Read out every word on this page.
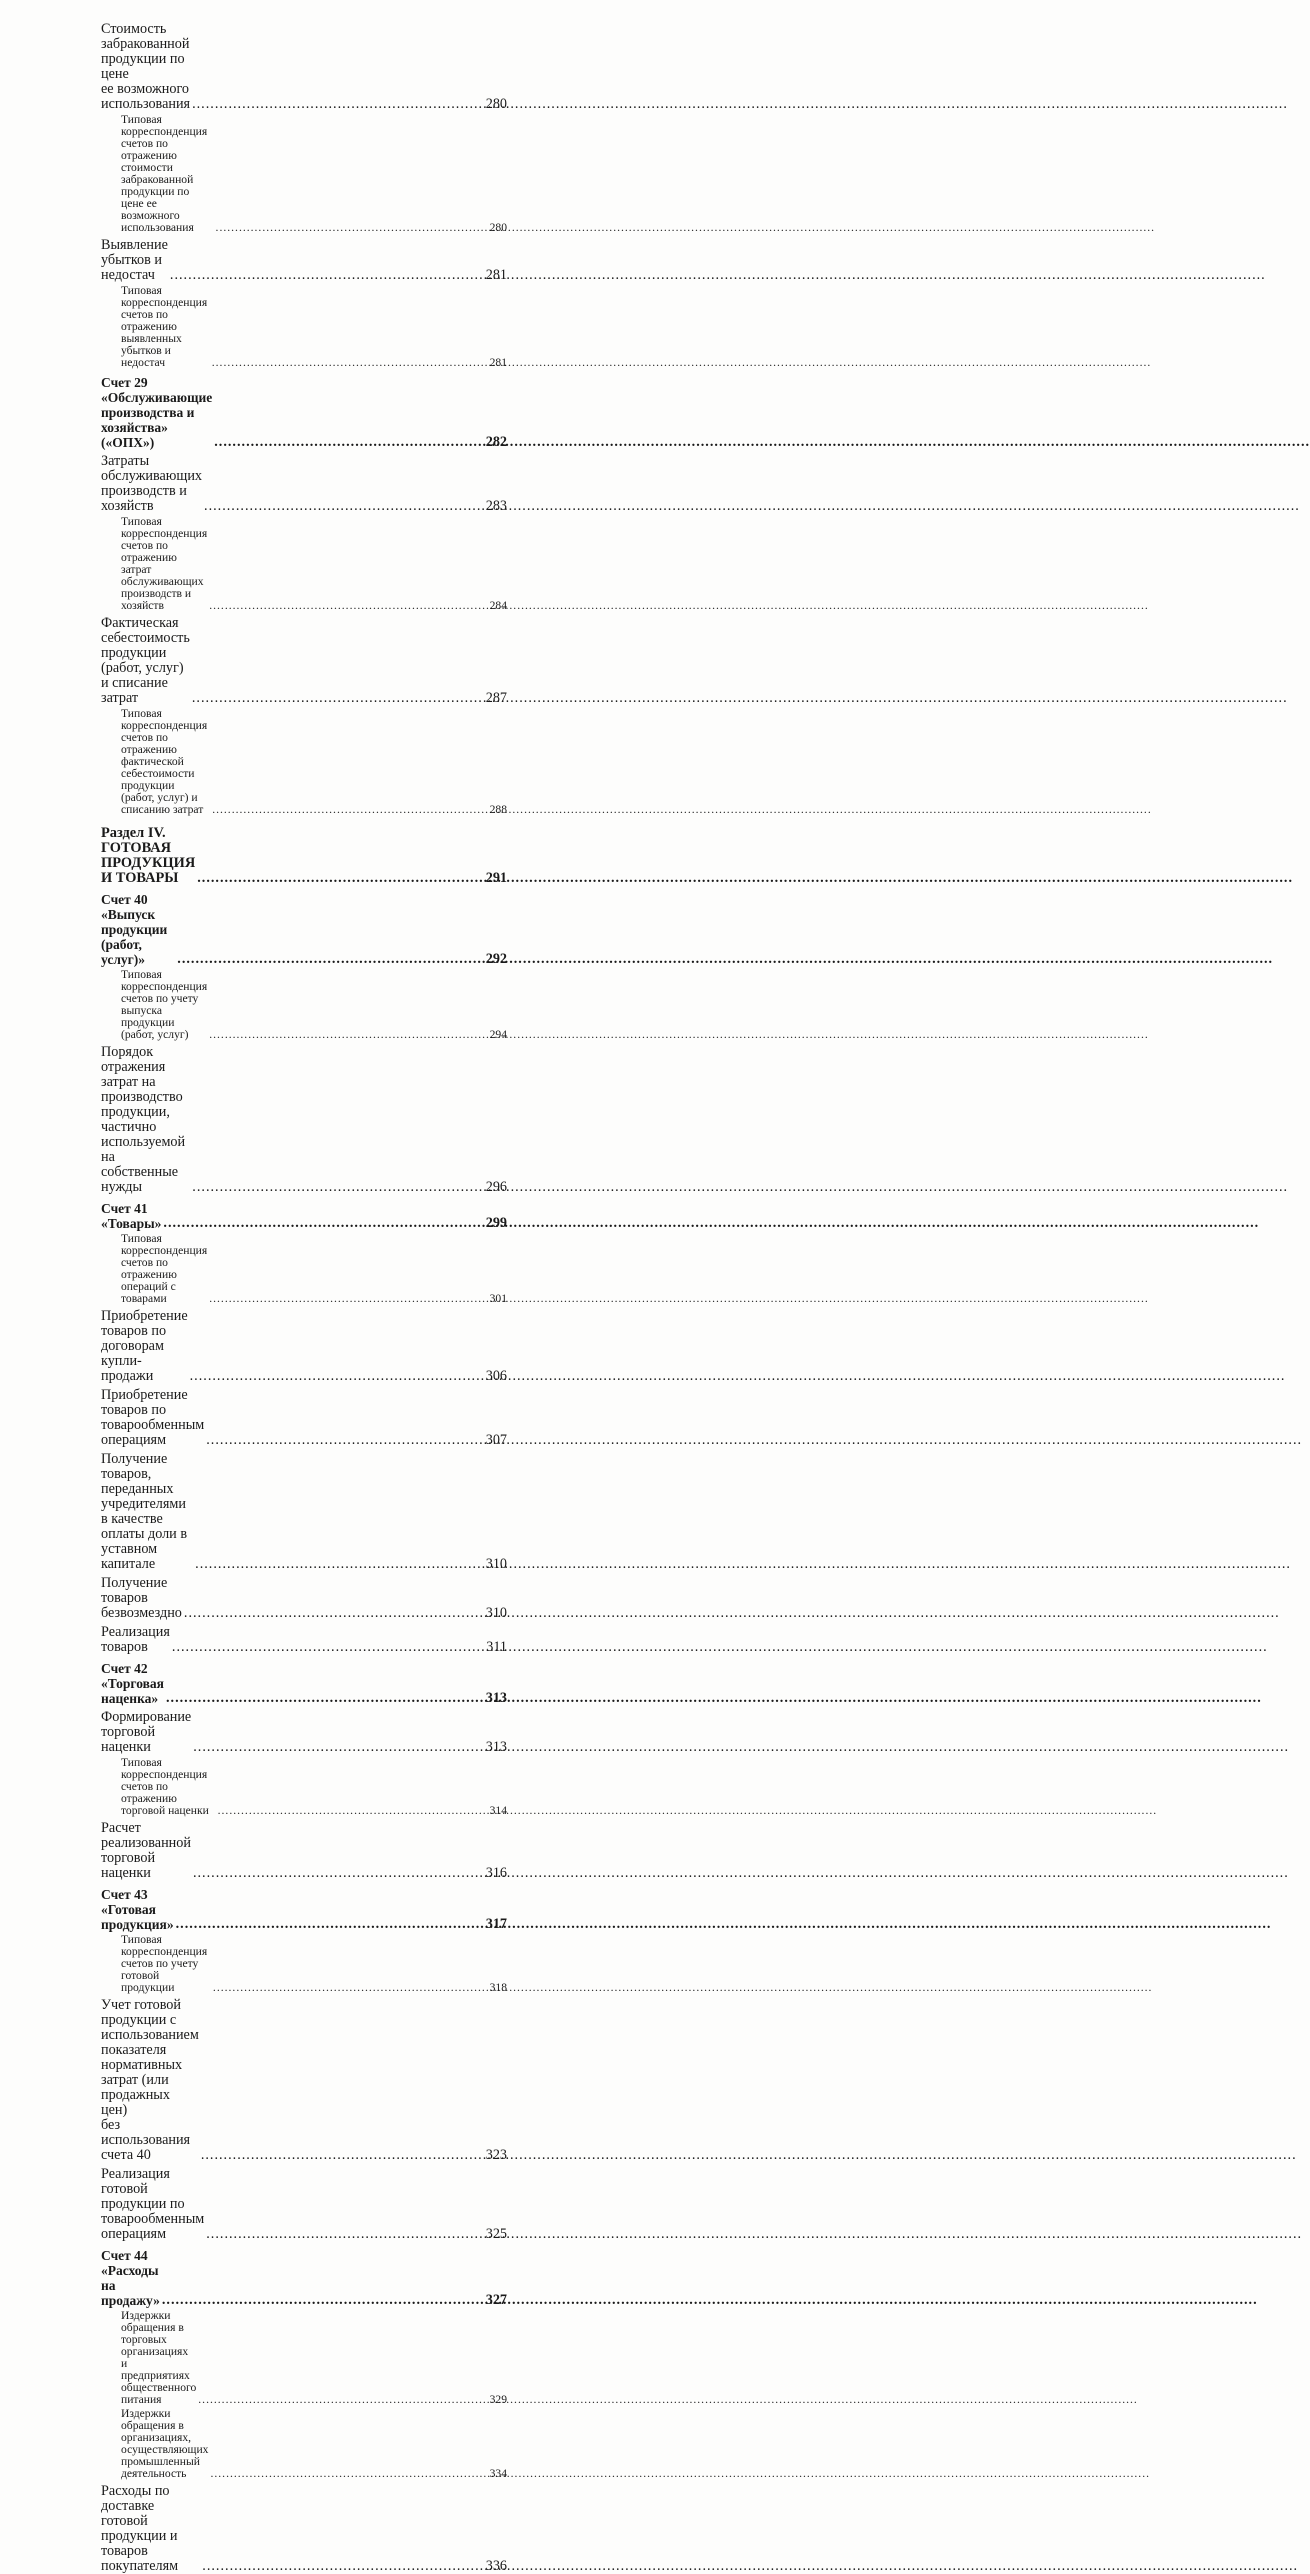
Стоимость забракованной продукции по цене
ее возможного использования .....	280
Типовая корреспонденция счетов по отражению стоимости
забракованной продукции по цене ее возможного использования .....	280
Выявление убытков и недостач .....	281
Типовая корреспонденция счетов по отражению выявленных
убытков и недостач .....	281
Счет 29 «Обслуживающие производства и хозяйства» («ОПХ») .....	282
Затраты обслуживающих производств и хозяйств .....	283
Типовая корреспонденция счетов по отражению затрат
обслуживающих производств и хозяйств .....	284
Фактическая себестоимость продукции (работ, услуг)
и списание затрат .....	287
Типовая корреспонденция счетов по отражению фактической
себестоимости продукции (работ, услуг) и списанию затрат .....	288
Раздел IV. ГОТОВАЯ ПРОДУКЦИЯ И ТОВАРЫ .....	291
Счет 40 «Выпуск продукции (работ, услуг)» .....	292
Типовая корреспонденция счетов по учету выпуска
продукции (работ, услуг) .....	294
Порядок отражения затрат на производство продукции,
частично используемой на собственные нужды .....	296
Счет 41 «Товары» .....	299
Типовая корреспонденция счетов по отражению
операций с товарами .....	301
Приобретение товаров по договорам купли-продажи .....	306
Приобретение товаров по товарообменным операциям .....	307
Получение товаров, переданных учредителями в качестве
оплаты доли в уставном капитале .....	310
Получение товаров безвозмездно .....	310
Реализация товаров .....	311
Счет 42 «Торговая наценка» .....	313
Формирование торговой наценки .....	313
Типовая корреспонденция счетов по отражению торговой наценки .....	314
Расчет реализованной торговой наценки .....	316
Счет 43 «Готовая продукция» .....	317
Типовая корреспонденция счетов по учету готовой продукции .....	318
Учет готовой продукции с использованием показателя
нормативных затрат (или продажных цен)
без использования счета 40 .....	323
Реализация готовой продукции по товарообменным операциям .....	325
Счет 44 «Расходы на продажу» .....	327
Издержки обращения в торговых организациях
и предприятиях общественного питания .....	329
Издержки обращения в организациях, осуществляющих
промышленный деятельность .....	334
Расходы по доставке готовой продукции и товаров покупателям .....	336
